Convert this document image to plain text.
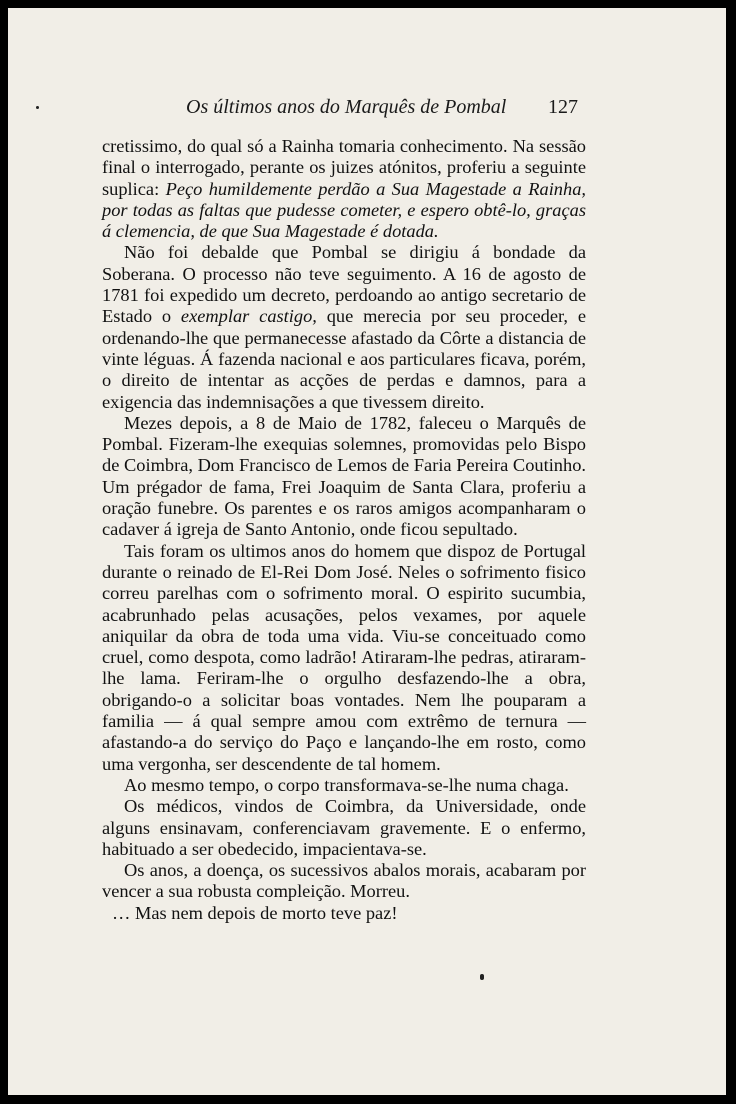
Os últimos anos do Marquês de Pombal 127

cretissimo, do qual só a Rainha tomaria conhecimento. Na sessão final o interrogado, perante os juizes atónitos, proferiu a seguinte suplica: Peço humildemente perdão a Sua Magestade a Rainha, por todas as faltas que pudesse cometer, e espero obtê-lo, graças á clemencia, de que Sua Magestade é dotada.

Não foi debalde que Pombal se dirigiu á bondade da Soberana. O processo não teve seguimento. A 16 de agosto de 1781 foi expedido um decreto, perdoando ao antigo secretario de Estado o exemplar castigo, que merecia por seu proceder, e ordenando-lhe que permanecesse afastado da Côrte a distancia de vinte léguas. Á fazenda nacional e aos particulares ficava, porém, o direito de intentar as acções de perdas e damnos, para a exigencia das indemnisações a que tivessem direito.

Mezes depois, a 8 de Maio de 1782, faleceu o Marquês de Pombal. Fizeram-lhe exequias solemnes, promovidas pelo Bispo de Coimbra, Dom Francisco de Lemos de Faria Pereira Coutinho. Um prégador de fama, Frei Joaquim de Santa Clara, proferiu a oração funebre. Os parentes e os raros amigos acompanharam o cadaver á igreja de Santo Antonio, onde ficou sepultado.

Tais foram os ultimos anos do homem que dispoz de Portugal durante o reinado de El-Rei Dom José. Neles o sofrimento fisico correu parelhas com o sofrimento moral. O espirito sucumbia, acabrunhado pelas acusações, pelos vexames, por aquele aniquilar da obra de toda uma vida. Viu-se conceituado como cruel, como despota, como ladrão! Atiraram-lhe pedras, atiraram-lhe lama. Feriram-lhe o orgulho desfazendo-lhe a obra, obrigando-o a solicitar boas vontades. Nem lhe pouparam a familia — á qual sempre amou com extrêmo de ternura — afastando-a do serviço do Paço e lançando-lhe em rosto, como uma vergonha, ser descendente de tal homem.

Ao mesmo tempo, o corpo transformava-se-lhe numa chaga.

Os médicos, vindos de Coimbra, da Universidade, onde alguns ensinavam, conferenciavam gravemente. E o enfermo, habituado a ser obedecido, impacientava-se.

Os anos, a doença, os sucessivos abalos morais, acabaram por vencer a sua robusta compleição. Morreu.

… Mas nem depois de morto teve paz!
